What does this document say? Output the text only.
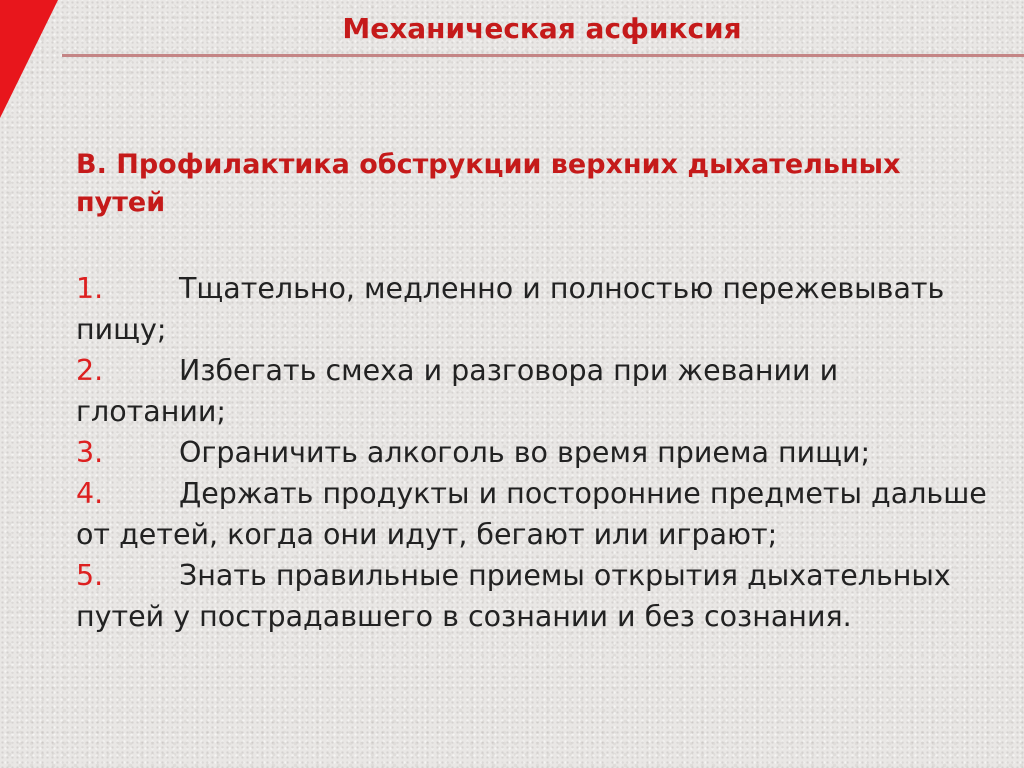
Механическая асфиксия
В. Профилактика обструкции верхних дыхательных путей
1.	Тщательно, медленно и полностью пережевывать пищу;
2.	Избегать смеха и разговора при жевании и глотании;
3.	Ограничить алкоголь во время приема пищи;
4.	Держать продукты и посторонние предметы дальше от детей, когда они идут, бегают или играют;
5.	Знать правильные приемы открытия дыхательных путей у пострадавшего в сознании и без сознания.
